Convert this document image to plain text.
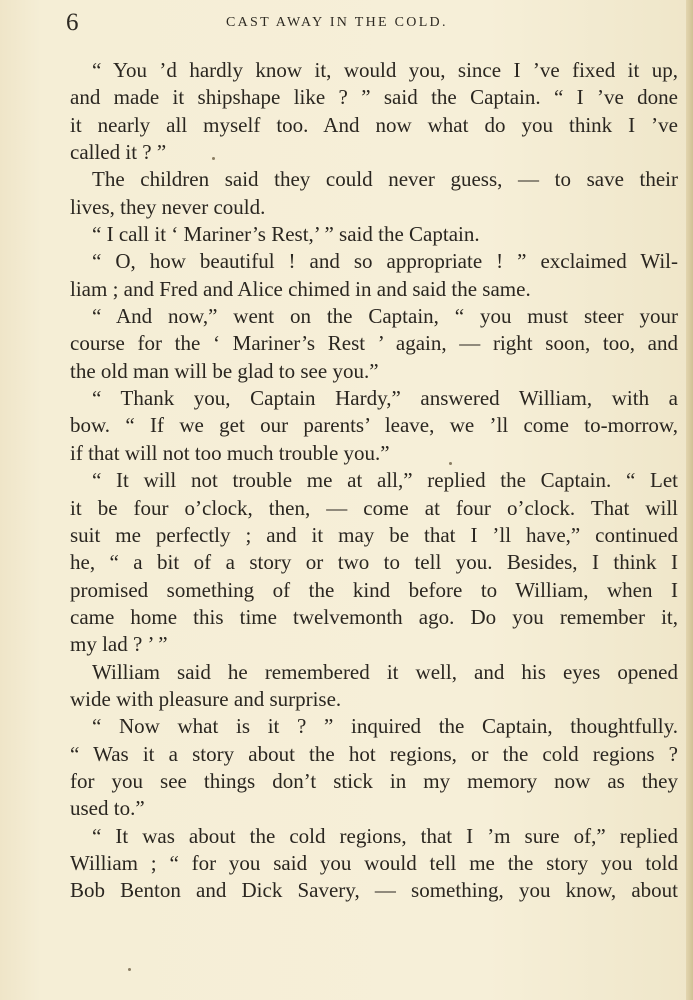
6	CAST AWAY IN THE COLD.
“ You ’d hardly know it, would you, since I ’ve fixed it up,
and made it shipshape like ? ” said the Captain. “ I ’ve done
it nearly all myself too. And now what do you think I ’ve
called it ? ”
The children said they could never guess, — to save their
lives, they never could.
“ I call it ‘ Mariner’s Rest,’ ” said the Captain.
“ O, how beautiful ! and so appropriate ! ” exclaimed Wil-
liam ; and Fred and Alice chimed in and said the same.
“ And now,” went on the Captain, “ you must steer your
course for the ‘ Mariner’s Rest ’ again, — right soon, too, and
the old man will be glad to see you.”
“ Thank you, Captain Hardy,” answered William, with a
bow. “ If we get our parents’ leave, we ’ll come to-morrow,
if that will not too much trouble you.”
“ It will not trouble me at all,” replied the Captain. “ Let
it be four o’clock, then, — come at four o’clock. That will
suit me perfectly ; and it may be that I ’ll have,” continued
he, “ a bit of a story or two to tell you. Besides, I think I
promised something of the kind before to William, when I
came home this time twelvemonth ago. Do you remember it,
my lad ? ’ ”
William said he remembered it well, and his eyes opened
wide with pleasure and surprise.
“ Now what is it ? ” inquired the Captain, thoughtfully.
“ Was it a story about the hot regions, or the cold regions ?
for you see things don’t stick in my memory now as they
used to.”
“ It was about the cold regions, that I ’m sure of,” replied
William ; “ for you said you would tell me the story you told
Bob Benton and Dick Savery, — something, you know, about
